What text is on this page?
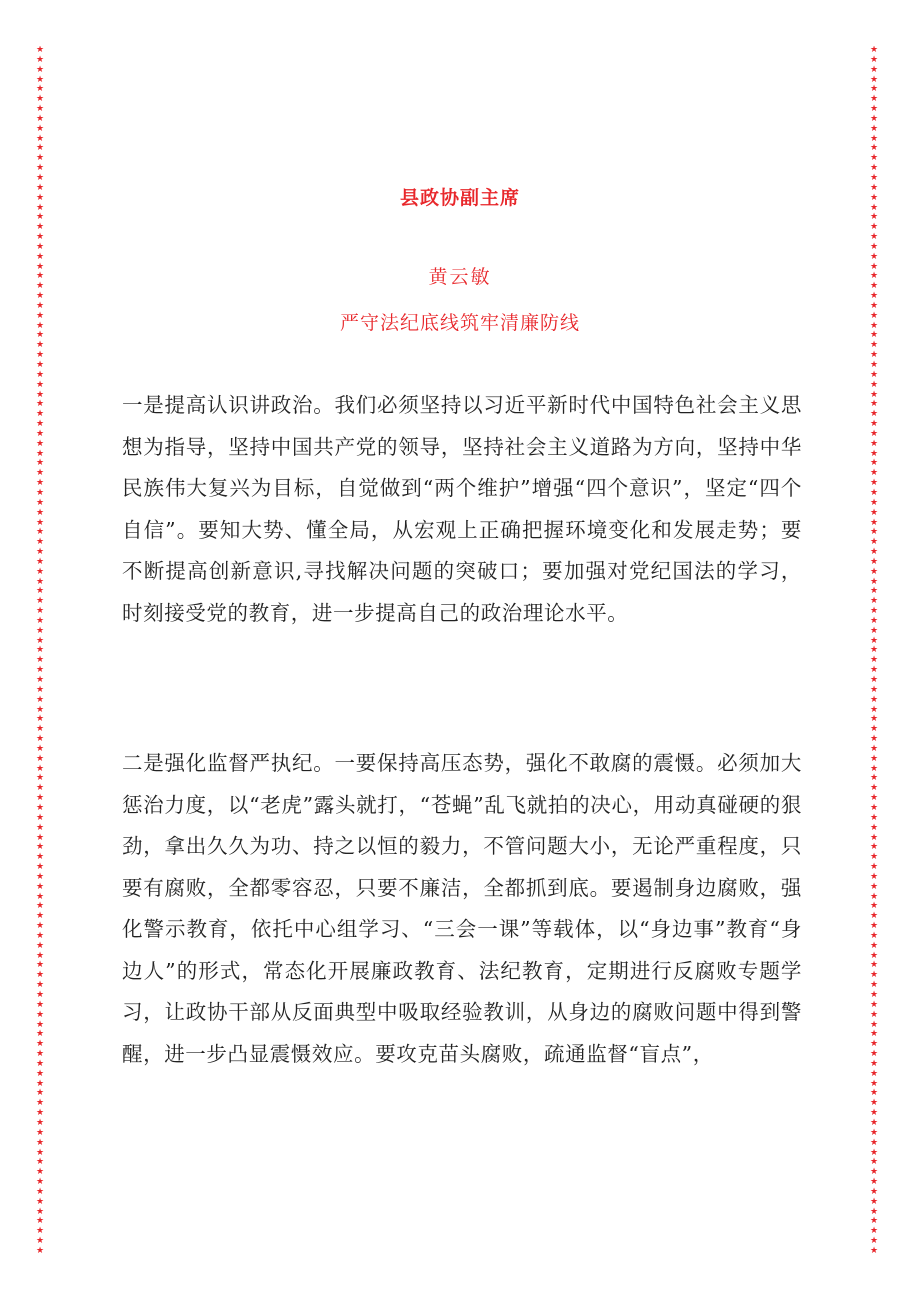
★
★
★
★
★
★
★
★
★
★
★
★
★
★
★
★
★
★
★
★
★
★
★
★
★
★
★
★
★
★
★
★
★
★
★
★
★
★
★
★
★
★
★
★
★
★
★
★
★
★
★
★
★
★
★
★
★
★
★
★
★
★
★
★
★
★
★
★
★
★
★
★
★
★
★
★
★
★
★
★
★
★
★
★
★
★
★
★
★
★
★
★
★
★
★
★
★
★
★
★
★
★
★
★
★
★
★
★
★
★
★
★
★
★
★
★
★
★
★
★
★
★
★
★
★
★
★
★
★
★
★
★
★
★
★
★
★
★
★
★
★
★
★
★
★
★
★
★
★
★
★
★
★
★
★
★
★
★
★
★
★
★
★
★
★
★
★
★
★
★
★
★
★
★
★
★
★
★
★
★
★
★
★
★
★
★
★
★
★
★
★
★
★
★
★
★
★
★
★
★
★
★
★
★
★
★
★
★
★
★
★
★
★
★
★
★
★
★
★
★
★
★
★
★
★
★
★
★
★
★
★
★
★
★
★
★
★
★
★
★
★
★
★
★
★
★
县政协副主席
黄云敏
严守法纪底线筑牢清廉防线

一是提高认识讲政治。我们必须坚持以习近平新时代中国特色社会主义思想为指导，坚持中国共产党的领导，坚持社会主义道路为方向，坚持中华民族伟大复兴为目标，自觉做到“两个维护”增强“四个意识”，坚定“四个自信”。要知大势、懂全局，从宏观上正确把握环境变化和发展走势；要不断提高创新意识,寻找解决问题的突破口；要加强对党纪国法的学习，时刻接受党的教育，进一步提高自己的政治理论水平。

二是强化监督严执纪。一要保持高压态势，强化不敢腐的震慑。必须加大惩治力度，以“老虎”露头就打，“苍蝇”乱飞就拍的决心，用动真碰硬的狠劲，拿出久久为功、持之以恒的毅力，不管问题大小，无论严重程度，只要有腐败，全都零容忍，只要不廉洁，全都抓到底。要遏制身边腐败，强化警示教育，依托中心组学习、“三会一课”等载体，以“身边事”教育“身边人”的形式，常态化开展廉政教育、法纪教育，定期进行反腐败专题学习，让政协干部从反面典型中吸取经验教训，从身边的腐败问题中得到警醒，进一步凸显震慑效应。要攻克苗头腐败，疏通监督“盲点”，
